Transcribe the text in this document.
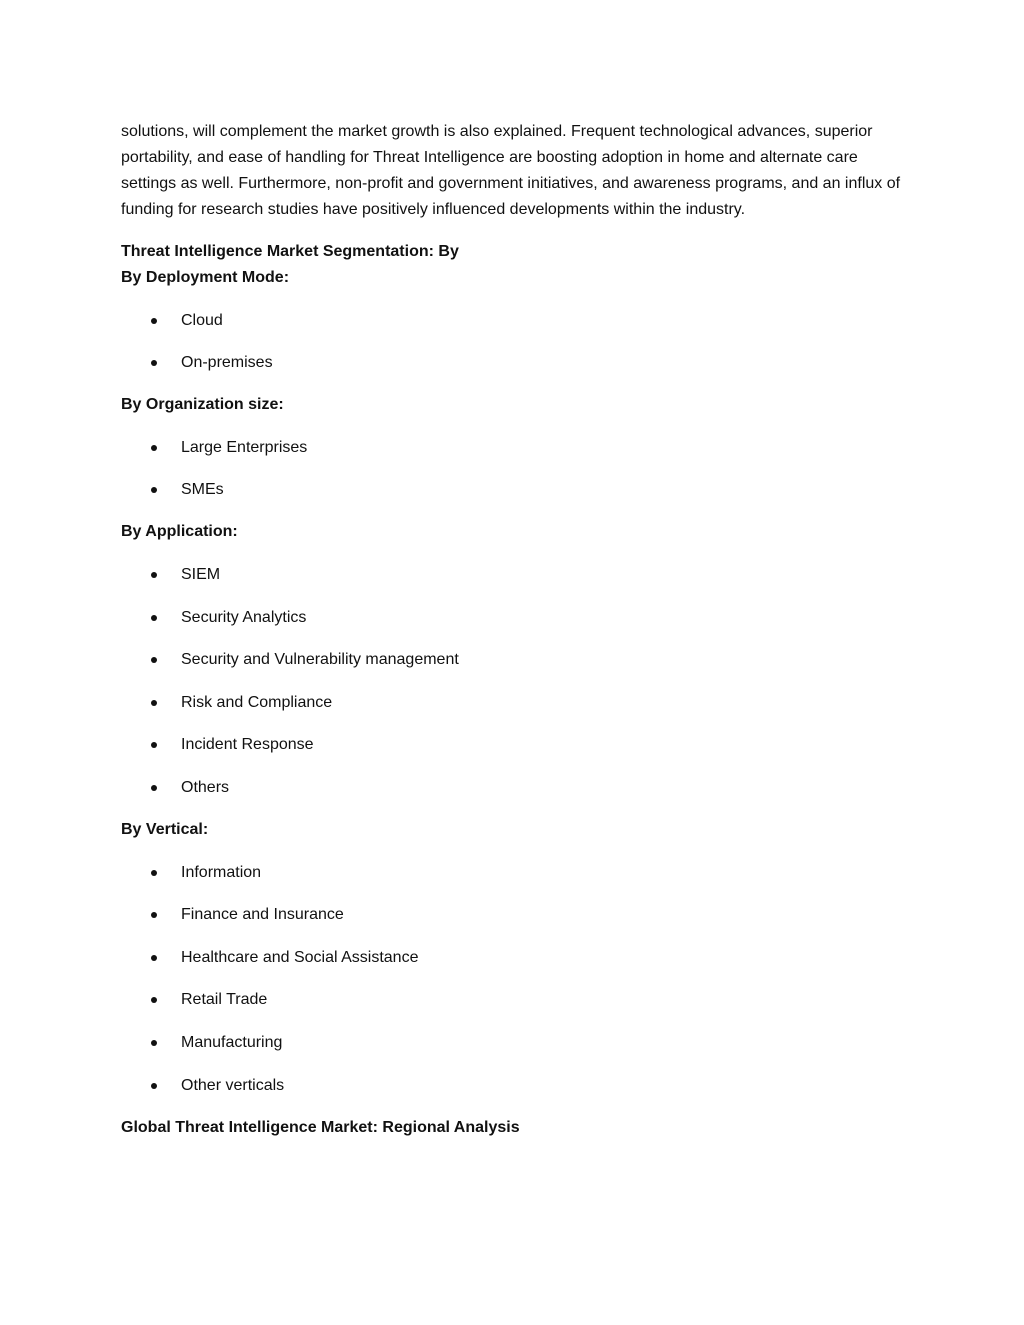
solutions, will complement the market growth is also explained. Frequent technological advances, superior portability, and ease of handling for Threat Intelligence are boosting adoption in home and alternate care settings as well. Furthermore, non-profit and government initiatives, and awareness programs, and an influx of funding for research studies have positively influenced developments within the industry.

Threat Intelligence Market Segmentation: By

By Deployment Mode:

Cloud
On-premises

By Organization size:

Large Enterprises
SMEs

By Application:

SIEM
Security Analytics
Security and Vulnerability management
Risk and Compliance
Incident Response
Others

By Vertical:

Information
Finance and Insurance
Healthcare and Social Assistance
Retail Trade
Manufacturing
Other verticals

Global Threat Intelligence Market: Regional Analysis
